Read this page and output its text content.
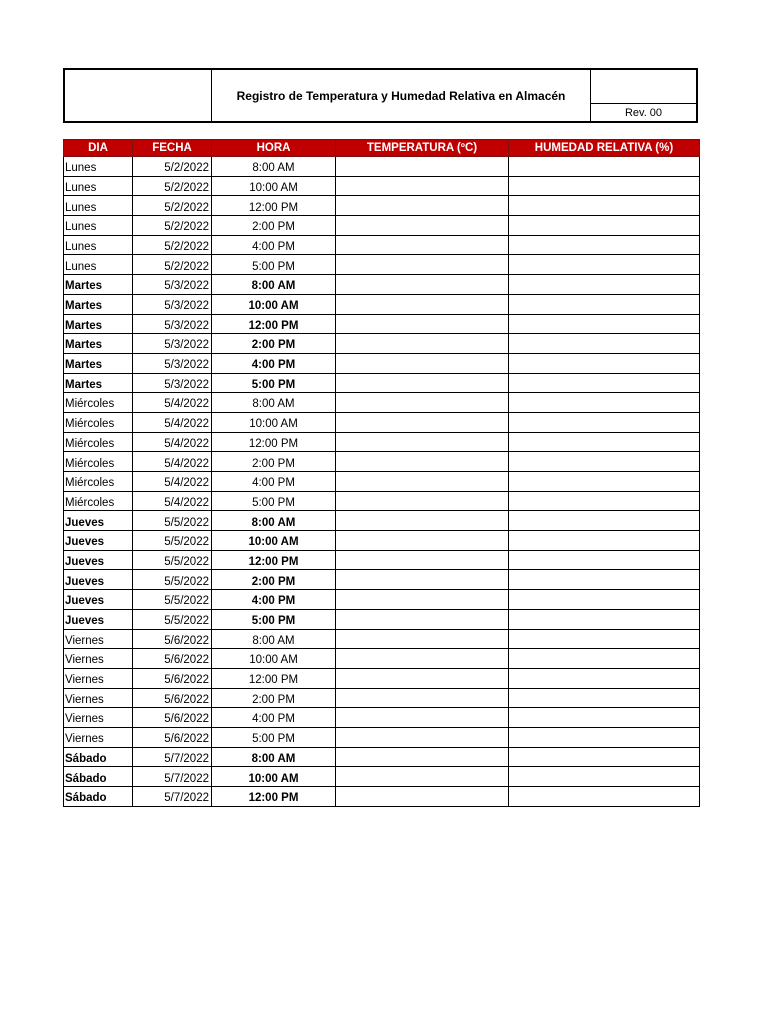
Registro de Temperatura y Humedad Relativa en Almacén
Rev. 00
DIA	FECHA	HORA	TEMPERATURA (ºC)	HUMEDAD RELATIVA (%)
Lunes	5/2/2022	8:00 AM		
Lunes	5/2/2022	10:00 AM		
Lunes	5/2/2022	12:00 PM		
Lunes	5/2/2022	2:00 PM		
Lunes	5/2/2022	4:00 PM		
Lunes	5/2/2022	5:00 PM		
Martes	5/3/2022	8:00 AM		
Martes	5/3/2022	10:00 AM		
Martes	5/3/2022	12:00 PM		
Martes	5/3/2022	2:00 PM		
Martes	5/3/2022	4:00 PM		
Martes	5/3/2022	5:00 PM		
Miércoles	5/4/2022	8:00 AM		
Miércoles	5/4/2022	10:00 AM		
Miércoles	5/4/2022	12:00 PM		
Miércoles	5/4/2022	2:00 PM		
Miércoles	5/4/2022	4:00 PM		
Miércoles	5/4/2022	5:00 PM		
Jueves	5/5/2022	8:00 AM		
Jueves	5/5/2022	10:00 AM		
Jueves	5/5/2022	12:00 PM		
Jueves	5/5/2022	2:00 PM		
Jueves	5/5/2022	4:00 PM		
Jueves	5/5/2022	5:00 PM		
Viernes	5/6/2022	8:00 AM		
Viernes	5/6/2022	10:00 AM		
Viernes	5/6/2022	12:00 PM		
Viernes	5/6/2022	2:00 PM		
Viernes	5/6/2022	4:00 PM		
Viernes	5/6/2022	5:00 PM		
Sábado	5/7/2022	8:00 AM		
Sábado	5/7/2022	10:00 AM		
Sábado	5/7/2022	12:00 PM		
